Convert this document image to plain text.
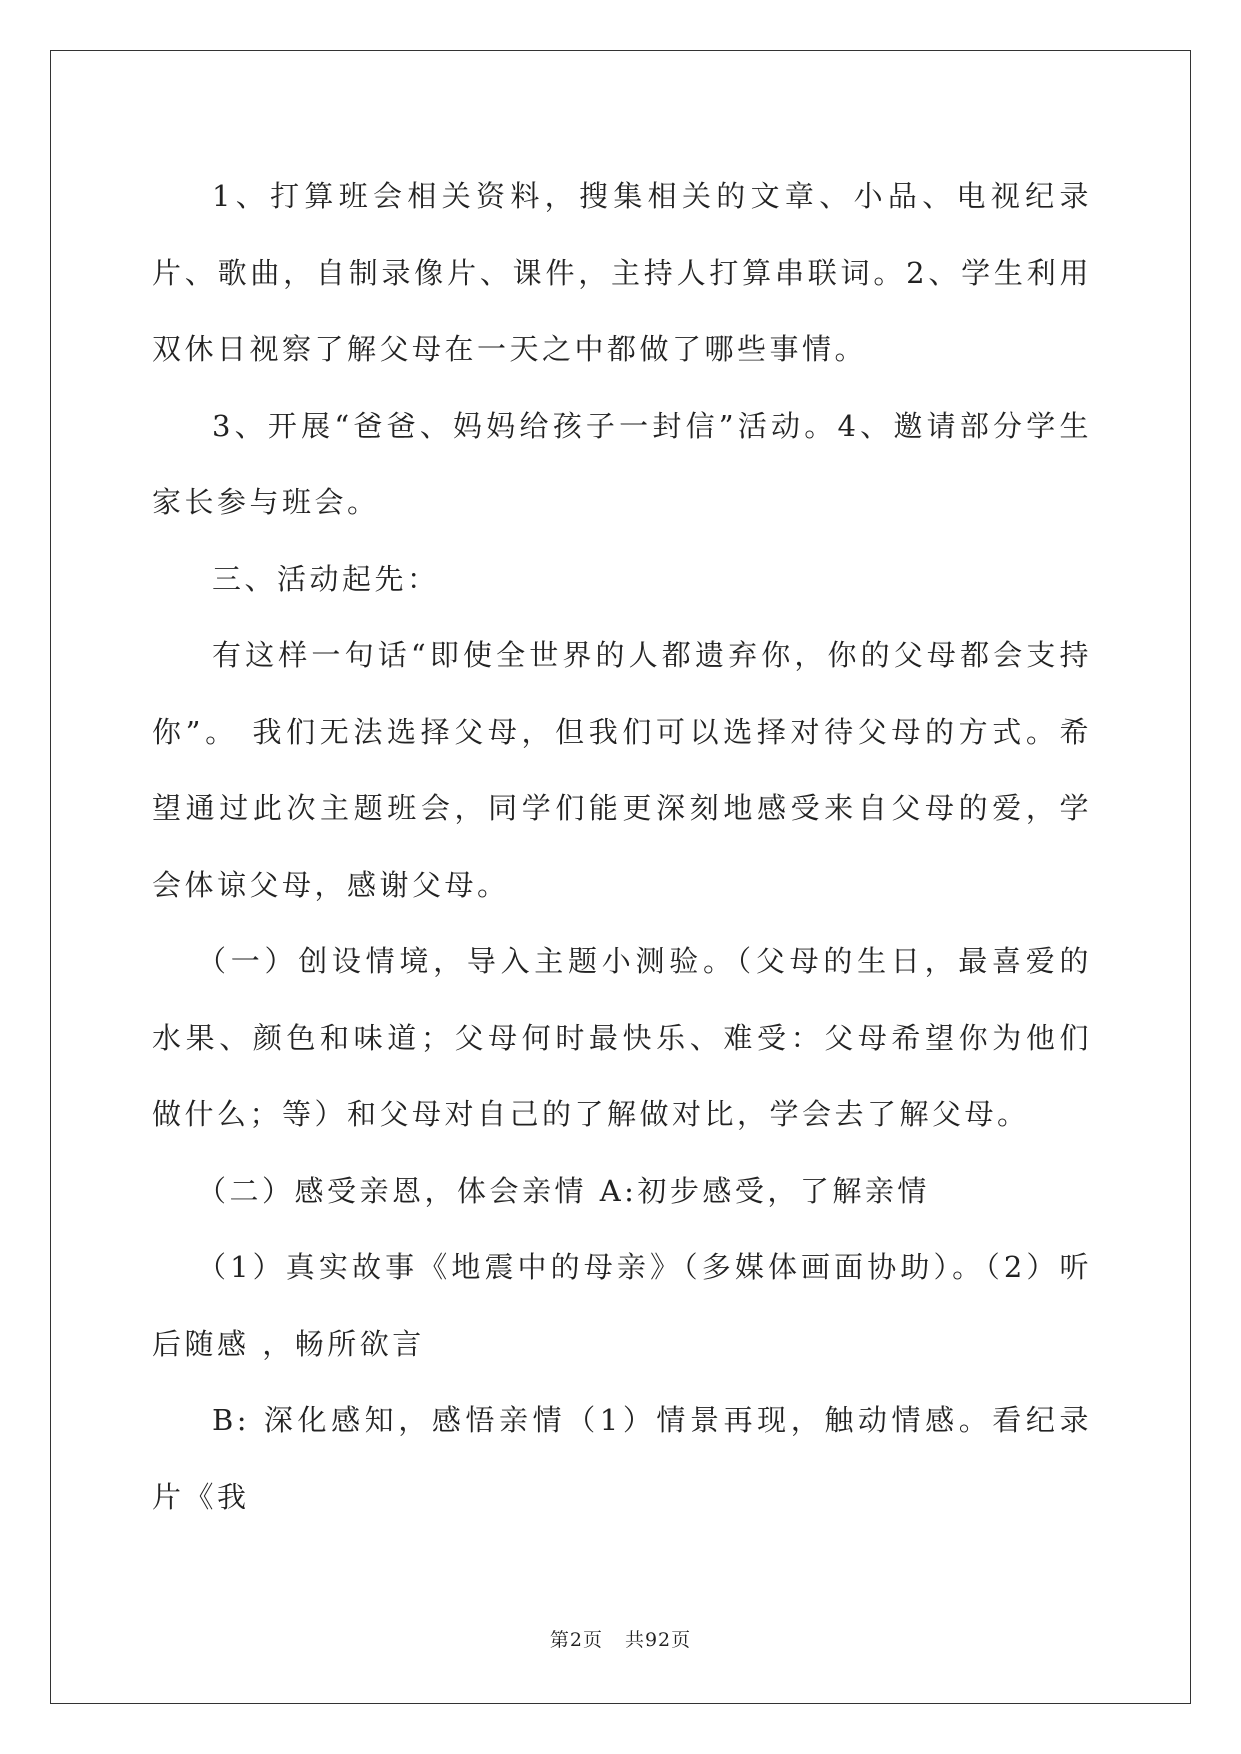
1、打算班会相关资料，搜集相关的文章、小品、电视纪录片、歌曲，自制录像片、课件，主持人打算串联词。2、学生利用双休日视察了解父母在一天之中都做了哪些事情。

3、开展“爸爸、妈妈给孩子一封信”活动。4、邀请部分学生家长参与班会。

三、活动起先：

有这样一句话“即使全世界的人都遗弃你，你的父母都会支持你”。 我们无法选择父母，但我们可以选择对待父母的方式。希望通过此次主题班会，同学们能更深刻地感受来自父母的爱，学会体谅父母，感谢父母。

（一）创设情境，导入主题小测验。（父母的生日，最喜爱的水果、颜色和味道；父母何时最快乐、难受：父母希望你为他们做什么；等）和父母对自己的了解做对比，学会去了解父母。

（二）感受亲恩，体会亲情 A:初步感受，了解亲情

（1）真实故事《地震中的母亲》（多媒体画面协助）。（2）听后随感 ，畅所欲言

B: 深化感知，感悟亲情（1）情景再现，触动情感。看纪录片《我

第2页 共92页
